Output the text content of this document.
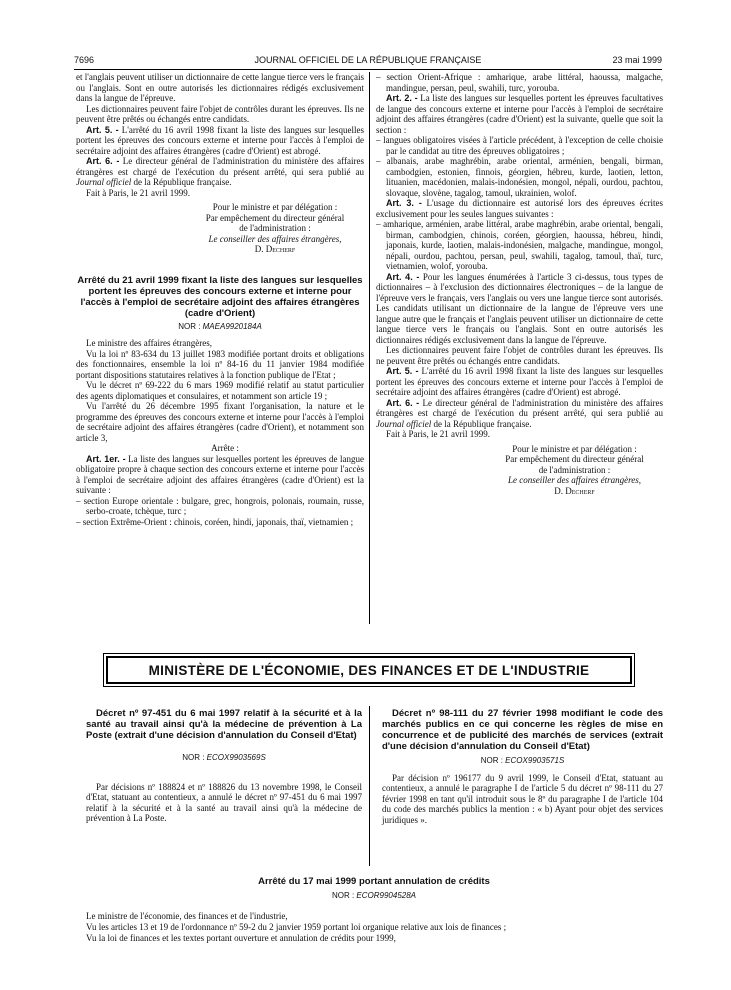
7696	JOURNAL OFFICIEL DE LA RÉPUBLIQUE FRANÇAISE	23 mai 1999

et l'anglais peuvent utiliser un dictionnaire de cette langue tierce vers le français ou l'anglais. Sont en outre autorisés les dictionnaires rédigés exclusivement dans la langue de l'épreuve.

Les dictionnaires peuvent faire l'objet de contrôles durant les épreuves. Ils ne peuvent être prêtés ou échangés entre candidats.

Art. 5. - L'arrêté du 16 avril 1998 fixant la liste des langues sur lesquelles portent les épreuves des concours externe et interne pour l'accès à l'emploi de secrétaire adjoint des affaires étrangères (cadre d'Orient) est abrogé.

Art. 6. - Le directeur général de l'administration du ministère des affaires étrangères est chargé de l'exécution du présent arrêté, qui sera publié au Journal officiel de la République française.

Fait à Paris, le 21 avril 1999.

Pour le ministre et par délégation :
Par empêchement du directeur général
de l'administration :
Le conseiller des affaires étrangères,
D. Decherf
Arrêté du 21 avril 1999 fixant la liste des langues sur lesquelles portent les épreuves des concours externe et interne pour l'accès à l'emploi de secrétaire adjoint des affaires étrangères (cadre d'Orient)
NOR : MAEA9920184A

Le ministre des affaires étrangères,

Vu la loi nº 83-634 du 13 juillet 1983 modifiée portant droits et obligations des fonctionnaires, ensemble la loi nº 84-16 du 11 janvier 1984 modifiée portant dispositions statutaires relatives à la fonction publique de l'Etat ;

Vu le décret nº 69-222 du 6 mars 1969 modifié relatif au statut particulier des agents diplomatiques et consulaires, et notamment son article 19 ;

Vu l'arrêté du 26 décembre 1995 fixant l'organisation, la nature et le programme des épreuves des concours externe et interne pour l'accès à l'emploi de secrétaire adjoint des affaires étrangères (cadre d'Orient), et notamment son article 3,

Arrête :

Art. 1er. - La liste des langues sur lesquelles portent les épreuves de langue obligatoire propre à chaque section des concours externe et interne pour l'accès à l'emploi de secrétaire adjoint des affaires étrangères (cadre d'Orient) est la suivante :

– section Europe orientale : bulgare, grec, hongrois, polonais, roumain, russe, serbo-croate, tchèque, turc ;

– section Extrême-Orient : chinois, coréen, hindi, japonais, thaï, vietnamien ;

– section Orient-Afrique : amharique, arabe littéral, haoussa, malgache, mandingue, persan, peul, swahili, turc, yorouba.

Art. 2. - La liste des langues sur lesquelles portent les épreuves facultatives de langue des concours externe et interne pour l'accès à l'emploi de secrétaire adjoint des affaires étrangères (cadre d'Orient) est la suivante, quelle que soit la section :

– langues obligatoires visées à l'article précédent, à l'exception de celle choisie par le candidat au titre des épreuves obligatoires ;

– albanais, arabe maghrébin, arabe oriental, arménien, bengali, birman, cambodgien, estonien, finnois, géorgien, hébreu, kurde, laotien, letton, lituanien, macédonien, malais-indonésien, mongol, népali, ourdou, pachtou, slovaque, slovène, tagalog, tamoul, ukrainien, wolof.

Art. 3. - L'usage du dictionnaire est autorisé lors des épreuves écrites exclusivement pour les seules langues suivantes :

– amharique, arménien, arabe littéral, arabe maghrébin, arabe oriental, bengali, birman, cambodgien, chinois, coréen, géorgien, haoussa, hébreu, hindi, japonais, kurde, laotien, malais-indonésien, malgache, mandingue, mongol, népali, ourdou, pachtou, persan, peul, swahili, tagalog, tamoul, thaï, turc, vietnamien, wolof, yorouba.

Art. 4. - Pour les langues énumérées à l'article 3 ci-dessus, tous types de dictionnaires – à l'exclusion des dictionnaires électroniques – de la langue de l'épreuve vers le français, vers l'anglais ou vers une langue tierce sont autorisés. Les candidats utilisant un dictionnaire de la langue de l'épreuve vers une langue autre que le français et l'anglais peuvent utiliser un dictionnaire de cette langue tierce vers le français ou l'anglais. Sont en outre autorisés les dictionnaires rédigés exclusivement dans la langue de l'épreuve.

Les dictionnaires peuvent faire l'objet de contrôles durant les épreuves. Ils ne peuvent être prêtés ou échangés entre candidats.

Art. 5. - L'arrêté du 16 avril 1998 fixant la liste des langues sur lesquelles portent les épreuves des concours externe et interne pour l'accès à l'emploi de secrétaire adjoint des affaires étrangères (cadre d'Orient) est abrogé.

Art. 6. - Le directeur général de l'administration du ministère des affaires étrangères est chargé de l'exécution du présent arrêté, qui sera publié au Journal officiel de la République française.

Fait à Paris, le 21 avril 1999.

Pour le ministre et par délégation :
Par empêchement du directeur général
de l'administration :
Le conseiller des affaires étrangères,
D. Decherf
MINISTÈRE DE L'ÉCONOMIE, DES FINANCES ET DE L'INDUSTRIE

Décret nº 97-451 du 6 mai 1997 relatif à la sécurité et à la santé au travail ainsi qu'à la médecine de prévention à La Poste (extrait d'une décision d'annulation du Conseil d'Etat)

NOR : ECOX9903569S

Par décisions nº 188824 et nº 188826 du 13 novembre 1998, le Conseil d'Etat, statuant au contentieux, a annulé le décret nº 97-451 du 6 mai 1997 relatif à la sécurité et à la santé au travail ainsi qu'à la médecine de prévention à La Poste.

Décret nº 98-111 du 27 février 1998 modifiant le code des marchés publics en ce qui concerne les règles de mise en concurrence et de publicité des marchés de services (extrait d'une décision d'annulation du Conseil d'Etat)

NOR : ECOX9903571S

Par décision nº 196177 du 9 avril 1999, le Conseil d'Etat, statuant au contentieux, a annulé le paragraphe I de l'article 5 du décret nº 98-111 du 27 février 1998 en tant qu'il introduit sous le 8º du paragraphe I de l'article 104 du code des marchés publics la mention : « b) Ayant pour objet des services juridiques ».

Arrêté du 17 mai 1999 portant annulation de crédits
NOR : ECOR9904528A

Le ministre de l'économie, des finances et de l'industrie,

Vu les articles 13 et 19 de l'ordonnance nº 59-2 du 2 janvier 1959 portant loi organique relative aux lois de finances ;

Vu la loi de finances et les textes portant ouverture et annulation de crédits pour 1999,
